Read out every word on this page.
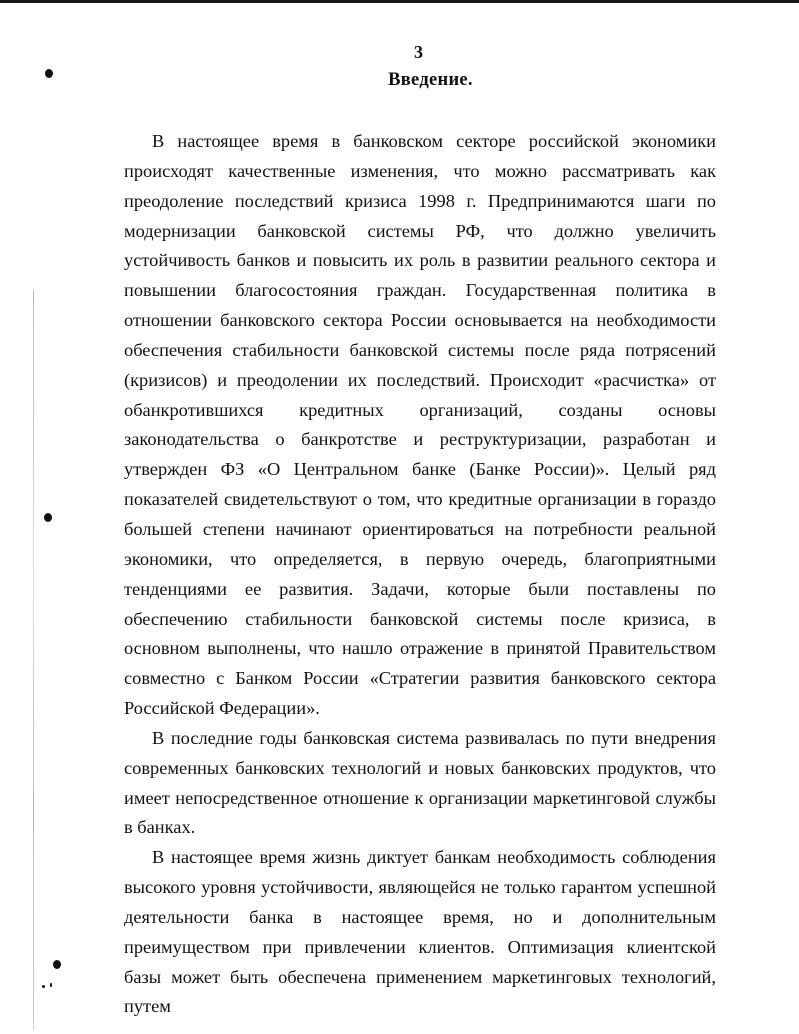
3
Введение.

В настоящее время в банковском секторе российской экономики происходят качественные изменения, что можно рассматривать как преодоление последствий кризиса 1998 г. Предпринимаются шаги по модернизации банковской системы РФ, что должно увеличить устойчивость банков и повысить их роль в развитии реального сектора и повышении благосостояния граждан. Государственная политика в отношении банковского сектора России основывается на необходимости обеспечения стабильности банковской системы после ряда потрясений (кризисов) и преодолении их последствий. Происходит «расчистка» от обанкротившихся кредитных организаций, созданы основы законодательства о банкротстве и реструктуризации, разработан и утвержден ФЗ «О Центральном банке (Банке России)». Целый ряд показателей свидетельствуют о том, что кредитные организации в гораздо большей степени начинают ориентироваться на потребности реальной экономики, что определяется, в первую очередь, благоприятными тенденциями ее развития. Задачи, которые были поставлены по обеспечению стабильности банковской системы после кризиса, в основном выполнены, что нашло отражение в принятой Правительством совместно с Банком России «Стратегии развития банковского сектора Российской Федерации».

В последние годы банковская система развивалась по пути внедрения современных банковских технологий и новых банковских продуктов, что имеет непосредственное отношение к организации маркетинговой службы в банках.

В настоящее время жизнь диктует банкам необходимость соблюдения высокого уровня устойчивости, являющейся не только гарантом успешной деятельности банка в настоящее время, но и дополнительным преимуществом при привлечении клиентов. Оптимизация клиентской базы может быть обеспечена применением маркетинговых технологий, путем
